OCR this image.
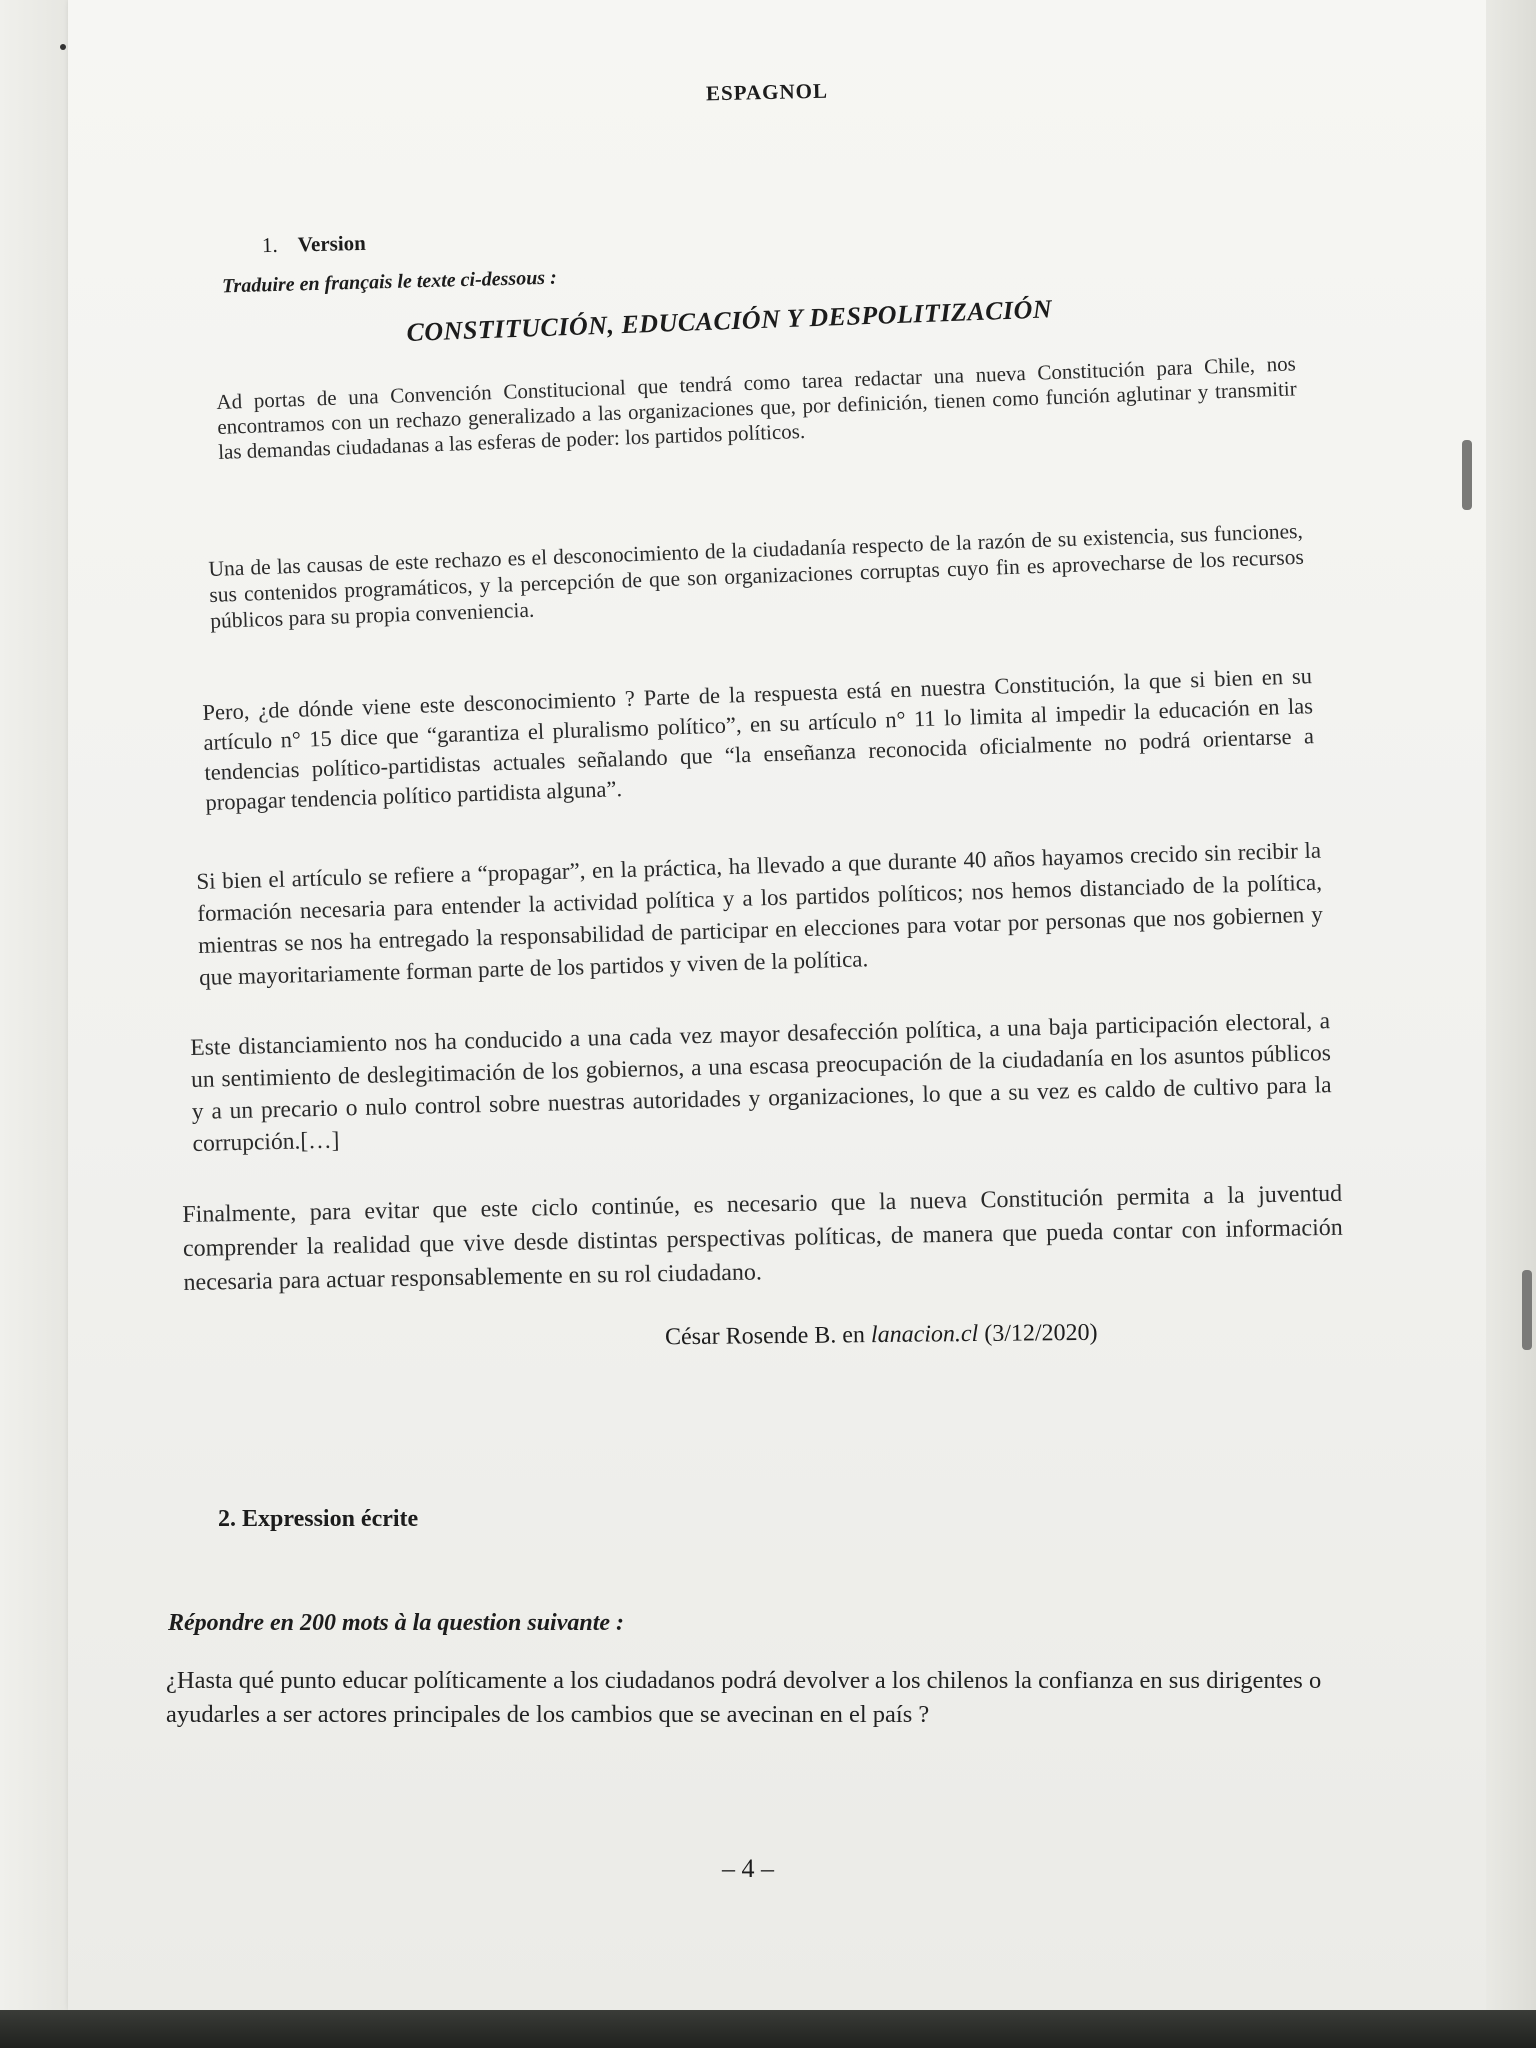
ESPAGNOL
1. Version
Traduire en français le texte ci-dessous :
CONSTITUCIÓN, EDUCACIÓN Y DESPOLITIZACIÓN
Ad portas de una Convención Constitucional que tendrá como tarea redactar una nueva Constitución para Chile, nos encontramos con un rechazo generalizado a las organizaciones que, por definición, tienen como función aglutinar y transmitir las demandas ciudadanas a las esferas de poder: los partidos políticos.
Una de las causas de este rechazo es el desconocimiento de la ciudadanía respecto de la razón de su existencia, sus funciones, sus contenidos programáticos, y la percepción de que son organizaciones corruptas cuyo fin es aprovecharse de los recursos públicos para su propia conveniencia.
Pero, ¿de dónde viene este desconocimiento ? Parte de la respuesta está en nuestra Constitución, la que si bien en su artículo n° 15 dice que “garantiza el pluralismo político”, en su artículo n° 11 lo limita al impedir la educación en las tendencias político-partidistas actuales señalando que “la enseñanza reconocida oficialmente no podrá orientarse a propagar tendencia político partidista alguna”.
Si bien el artículo se refiere a “propagar”, en la práctica, ha llevado a que durante 40 años hayamos crecido sin recibir la formación necesaria para entender la actividad política y a los partidos políticos; nos hemos distanciado de la política, mientras se nos ha entregado la responsabilidad de participar en elecciones para votar por personas que nos gobiernen y que mayoritariamente forman parte de los partidos y viven de la política.
Este distanciamiento nos ha conducido a una cada vez mayor desafección política, a una baja participación electoral, a un sentimiento de deslegitimación de los gobiernos, a una escasa preocupación de la ciudadanía en los asuntos públicos y a un precario o nulo control sobre nuestras autoridades y organizaciones, lo que a su vez es caldo de cultivo para la corrupción.[…]
Finalmente, para evitar que este ciclo continúe, es necesario que la nueva Constitución permita a la juventud comprender la realidad que vive desde distintas perspectivas políticas, de manera que pueda contar con información necesaria para actuar responsablemente en su rol ciudadano.
César Rosende B. en lanacion.cl (3/12/2020)
2. Expression écrite
Répondre en 200 mots à la question suivante :
¿Hasta qué punto educar políticamente a los ciudadanos podrá devolver a los chilenos la confianza en sus dirigentes o ayudarles a ser actores principales de los cambios que se avecinan en el país ?
– 4 –
